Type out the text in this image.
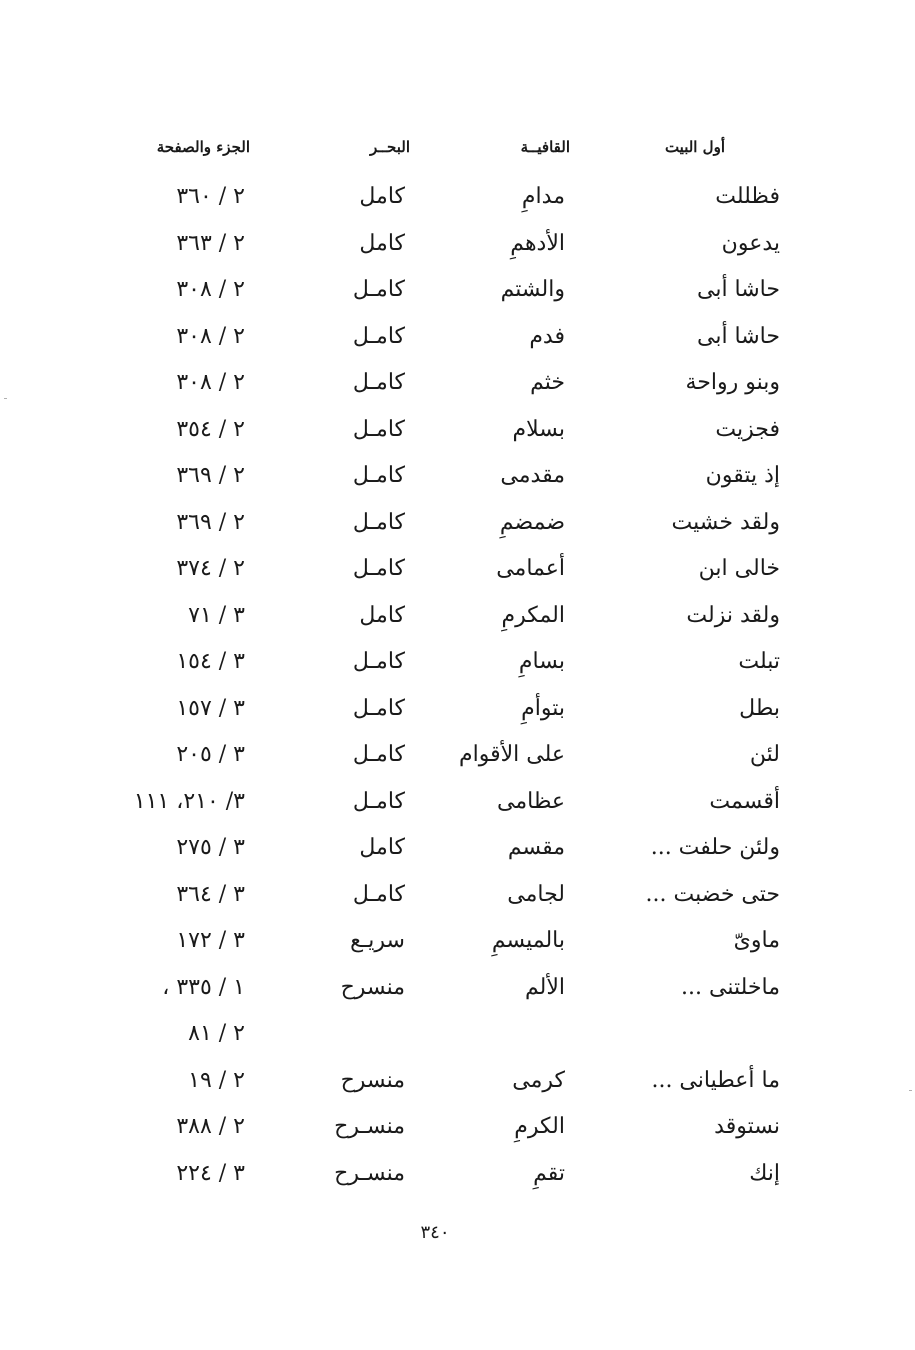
أول البيت
القافيــة
البحــر
الجزء والصفحة
فظللت
مدامِ
كامل
٢ / ٣٦٠
يدعون
الأدهمِ
كامل
٢ / ٣٦٣
حاشا أبى
والشتم
كامـل
٢ / ٣٠٨
حاشا أبى
فدم
كامـل
٢ / ٣٠٨
وبنو رواحة
خثم
كامـل
٢ / ٣٠٨
فجزيت
بسلام
كامـل
٢ / ٣٥٤
إذ يتقون
مقدمى
كامـل
٢ / ٣٦٩
ولقد خشيت
ضمضمِ
كامـل
٢ / ٣٦٩
خالى ابن
أعمامى
كامـل
٢ / ٣٧٤
ولقد نزلت
المكرمِ
كامل
٣ / ٧١
تبلت
بسامِ
كامـل
٣ / ١٥٤
بطل
بتوأمِ
كامـل
٣ / ١٥٧
لئن
على الأقوام
كامـل
٣ / ٢٠٥
أقسمت
عظامى
كامـل
٣/ ٢١٠، ١١١
ولئن حلفت ...
مقسم
كامل
٣ / ٢٧٥
حتى خضبت ...
لجامى
كامـل
٣ / ٣٦٤
ماوىّ
بالميسمِ
سريـع
٣ / ١٧٢
ماخلتنى ...
الألم
منسرح
١ / ٣٣٥ ،
٢ / ٨١
ما أعطيانى ...
كرمى
منسرح
٢ / ١٩
نستوقد
الكرمِ
منسـرح
٢ / ٣٨٨
إنك
تقمِ
منسـرح
٣ / ٢٢٤
٣٤٠
